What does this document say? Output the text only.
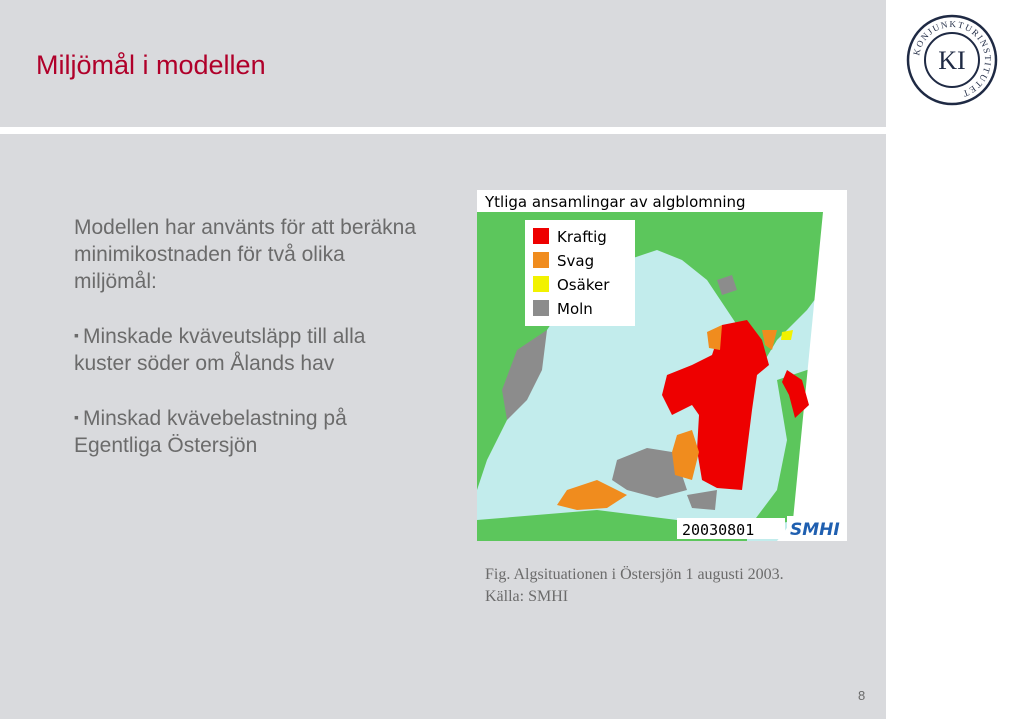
Miljömål i modellen	KONJUNKTURINSTITUTET
KI

Modellen har använts för att beräkna minimikostnaden för två olika miljömål:

▪ Minskade kväveutsläpp till alla kuster söder om Ålands hav

▪ Minskad kvävebelastning på Egentliga Östersjön

Ytliga ansamlingar av algblomning
Kraftig
Svag
Osäker
Moln
20030801 SMHI
Fig. Algsituationen i Östersjön 1 augusti 2003. Källa: SMHI
8
